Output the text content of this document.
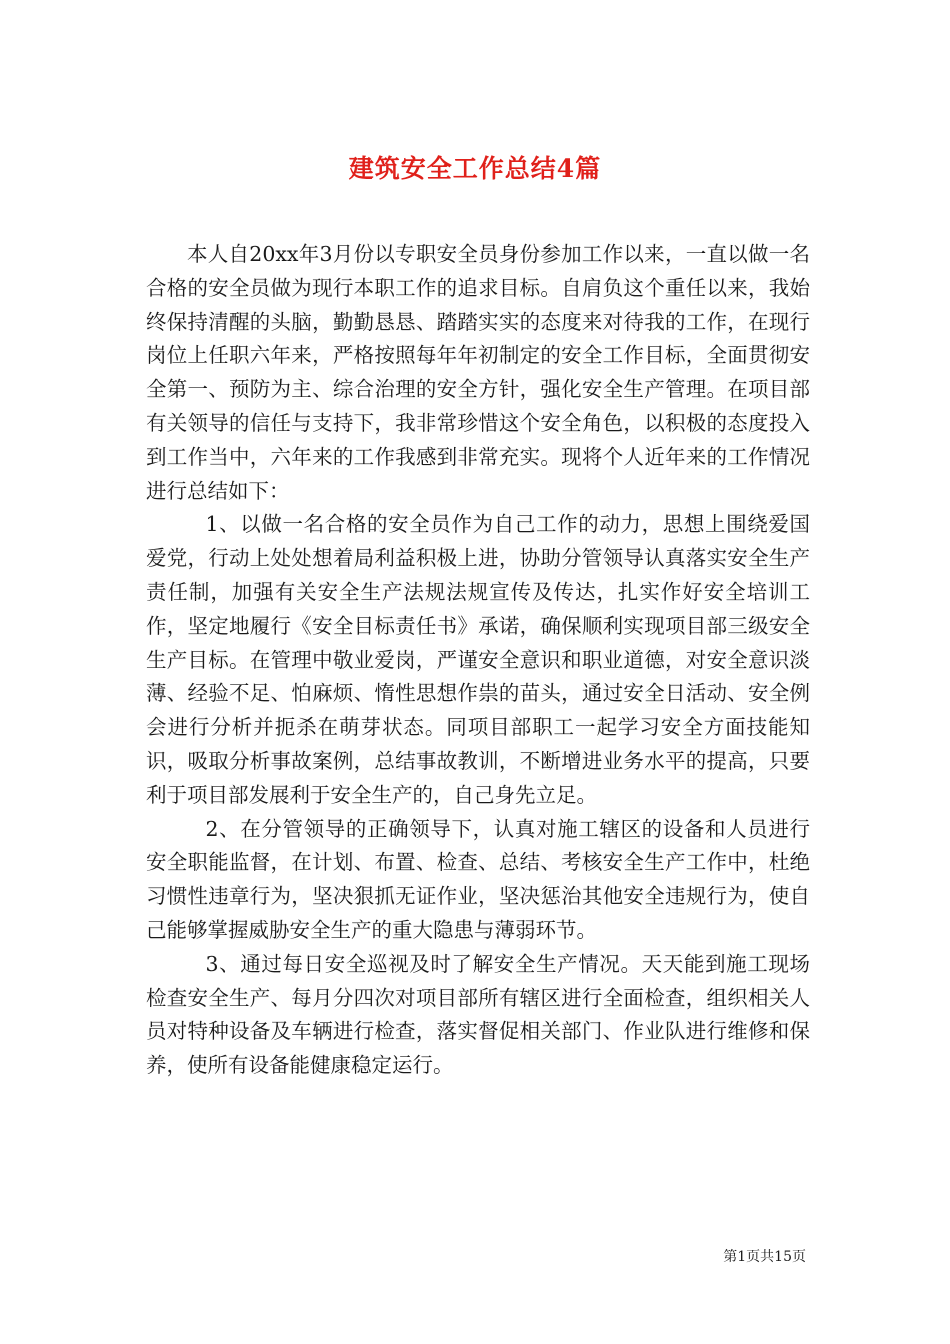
建筑安全工作总结4篇

本人自20xx年3月份以专职安全员身份参加工作以来，一直以做一名合格的安全员做为现行本职工作的追求目标。自肩负这个重任以来，我始终保持清醒的头脑，勤勤恳恳、踏踏实实的态度来对待我的工作，在现行岗位上任职六年来，严格按照每年年初制定的安全工作目标，全面贯彻安全第一、预防为主、综合治理的安全方针，强化安全生产管理。在项目部有关领导的信任与支持下，我非常珍惜这个安全角色，以积极的态度投入到工作当中，六年来的工作我感到非常充实。现将个人近年来的工作情况进行总结如下：

1、以做一名合格的安全员作为自己工作的动力，思想上围绕爱国爱党，行动上处处想着局利益积极上进，协助分管领导认真落实安全生产责任制，加强有关安全生产法规法规宣传及传达，扎实作好安全培训工作，坚定地履行《安全目标责任书》承诺，确保顺利实现项目部三级安全生产目标。在管理中敬业爱岗，严谨安全意识和职业道德，对安全意识淡薄、经验不足、怕麻烦、惰性思想作祟的苗头，通过安全日活动、安全例会进行分析并扼杀在萌芽状态。同项目部职工一起学习安全方面技能知识，吸取分析事故案例，总结事故教训，不断增进业务水平的提高，只要利于项目部发展利于安全生产的，自己身先立足。

2、在分管领导的正确领导下，认真对施工辖区的设备和人员进行安全职能监督，在计划、布置、检查、总结、考核安全生产工作中，杜绝习惯性违章行为，坚决狠抓无证作业，坚决惩治其他安全违规行为，使自己能够掌握威胁安全生产的重大隐患与薄弱环节。

3、通过每日安全巡视及时了解安全生产情况。天天能到施工现场检查安全生产、每月分四次对项目部所有辖区进行全面检查，组织相关人员对特种设备及车辆进行检查，落实督促相关部门、作业队进行维修和保养，使所有设备能健康稳定运行。

第1页共15页
